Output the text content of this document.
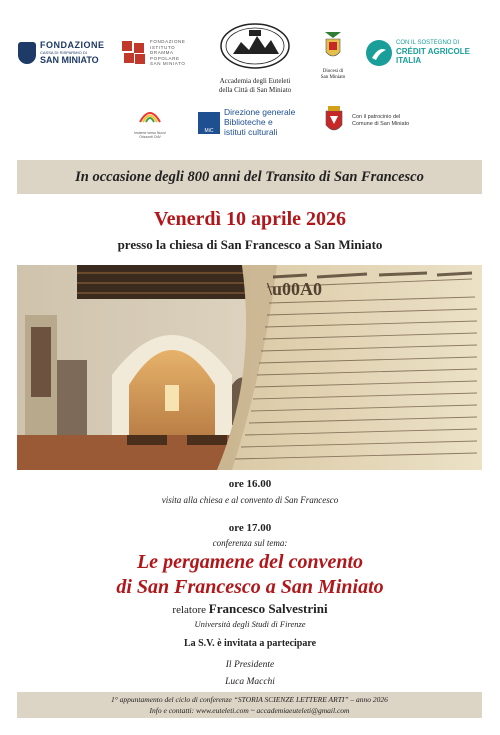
FONDAZIONE
CASSA DI RISPARMIO DI
SAN MINIATO
FONDAZIONE
ISTITUTO
DRAMMA
POPOLARE
SAN MINIATO
Accademia degli Euteleti
della Città di San Miniato
Diocesi di
San Miniato
CON IL SOSTEGNO DI
CRÉDIT AGRICOLE ITALIA
Insieme verso Nuovi Orizzonti OdV
MiC
Direzione generale
Biblioteche e
istituti culturali
Con il patrocinio del
Comune di San Miniato
In occasione degli 800 anni del Transito di San Francesco
Venerdì 10 aprile 2026
presso la chiesa di San Francesco a San Miniato
\u00A0
ore 16.00
visita alla chiesa e al convento di San Francesco
ore 17.00
conferenza sul tema:
Le pergamene del convento
di San Francesco a San Miniato
relatore Francesco Salvestrini
Università degli Studi di Firenze
La S.V. è invitata a partecipare
Il Presidente
Luca Macchi
1° appuntamento del ciclo di conferenze “STORIA SCIENZE LETTERE ARTI” – anno 2026
Info e contatti: www.euteleti.com ~ accademiaeuteleti@gmail.com
